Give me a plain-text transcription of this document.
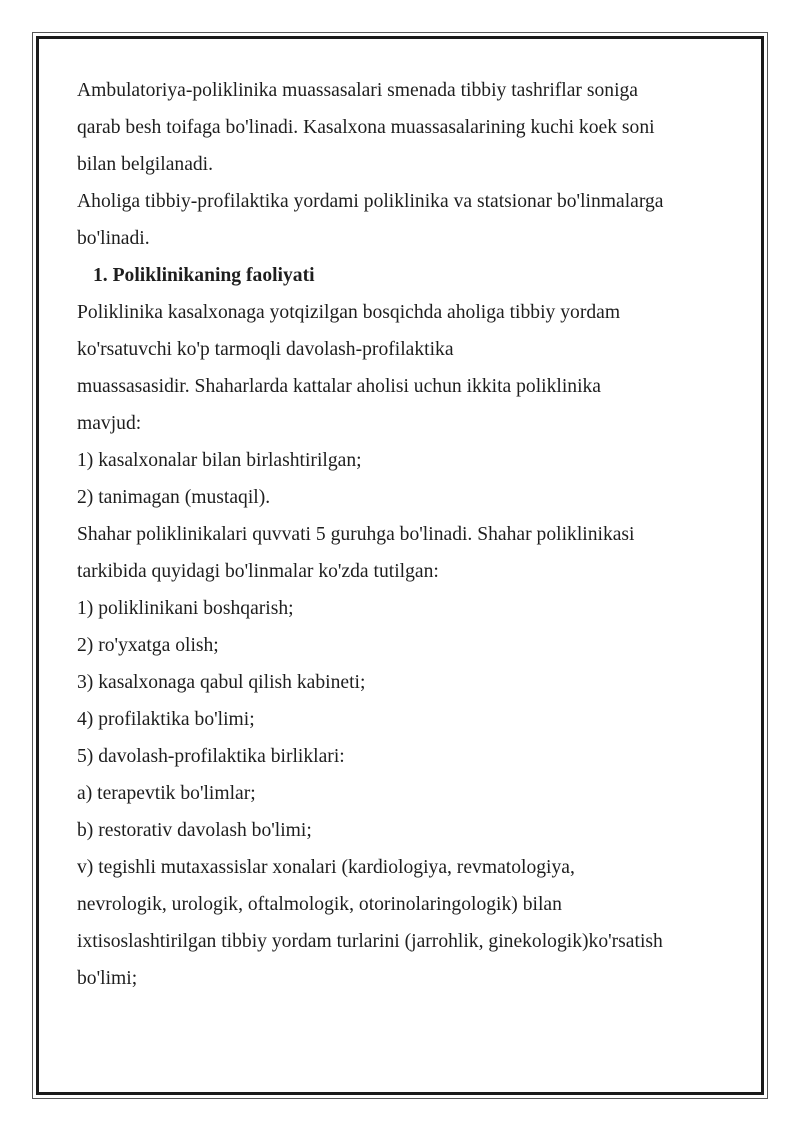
Ambulatoriya-poliklinika muassasalari smenada tibbiy tashriflar soniga

qarab besh toifaga bo'linadi. Kasalxona muassasalarining kuchi koek soni

bilan belgilanadi.

Aholiga tibbiy-profilaktika yordami poliklinika va statsionar bo'linmalarga

bo'linadi.

1. Poliklinikaning faoliyati

Poliklinika kasalxonaga yotqizilgan bosqichda aholiga tibbiy yordam

ko'rsatuvchi ko'p tarmoqli davolash-profilaktika

muassasasidir. Shaharlarda kattalar aholisi uchun ikkita poliklinika

mavjud:

1) kasalxonalar bilan birlashtirilgan;

2) tanimagan (mustaqil).

Shahar poliklinikalari quvvati 5 guruhga bo'linadi. Shahar poliklinikasi

tarkibida quyidagi bo'linmalar ko'zda tutilgan:

1) poliklinikani boshqarish;

2) ro'yxatga olish;

3) kasalxonaga qabul qilish kabineti;

4) profilaktika bo'limi;

5) davolash-profilaktika birliklari:

a) terapevtik bo'limlar;

b) restorativ davolash bo'limi;

v) tegishli mutaxassislar xonalari (kardiologiya, revmatologiya,

nevrologik, urologik, oftalmologik, otorinolaringologik) bilan

ixtisoslashtirilgan tibbiy yordam turlarini (jarrohlik, ginekologik)ko'rsatish

bo'limi;
